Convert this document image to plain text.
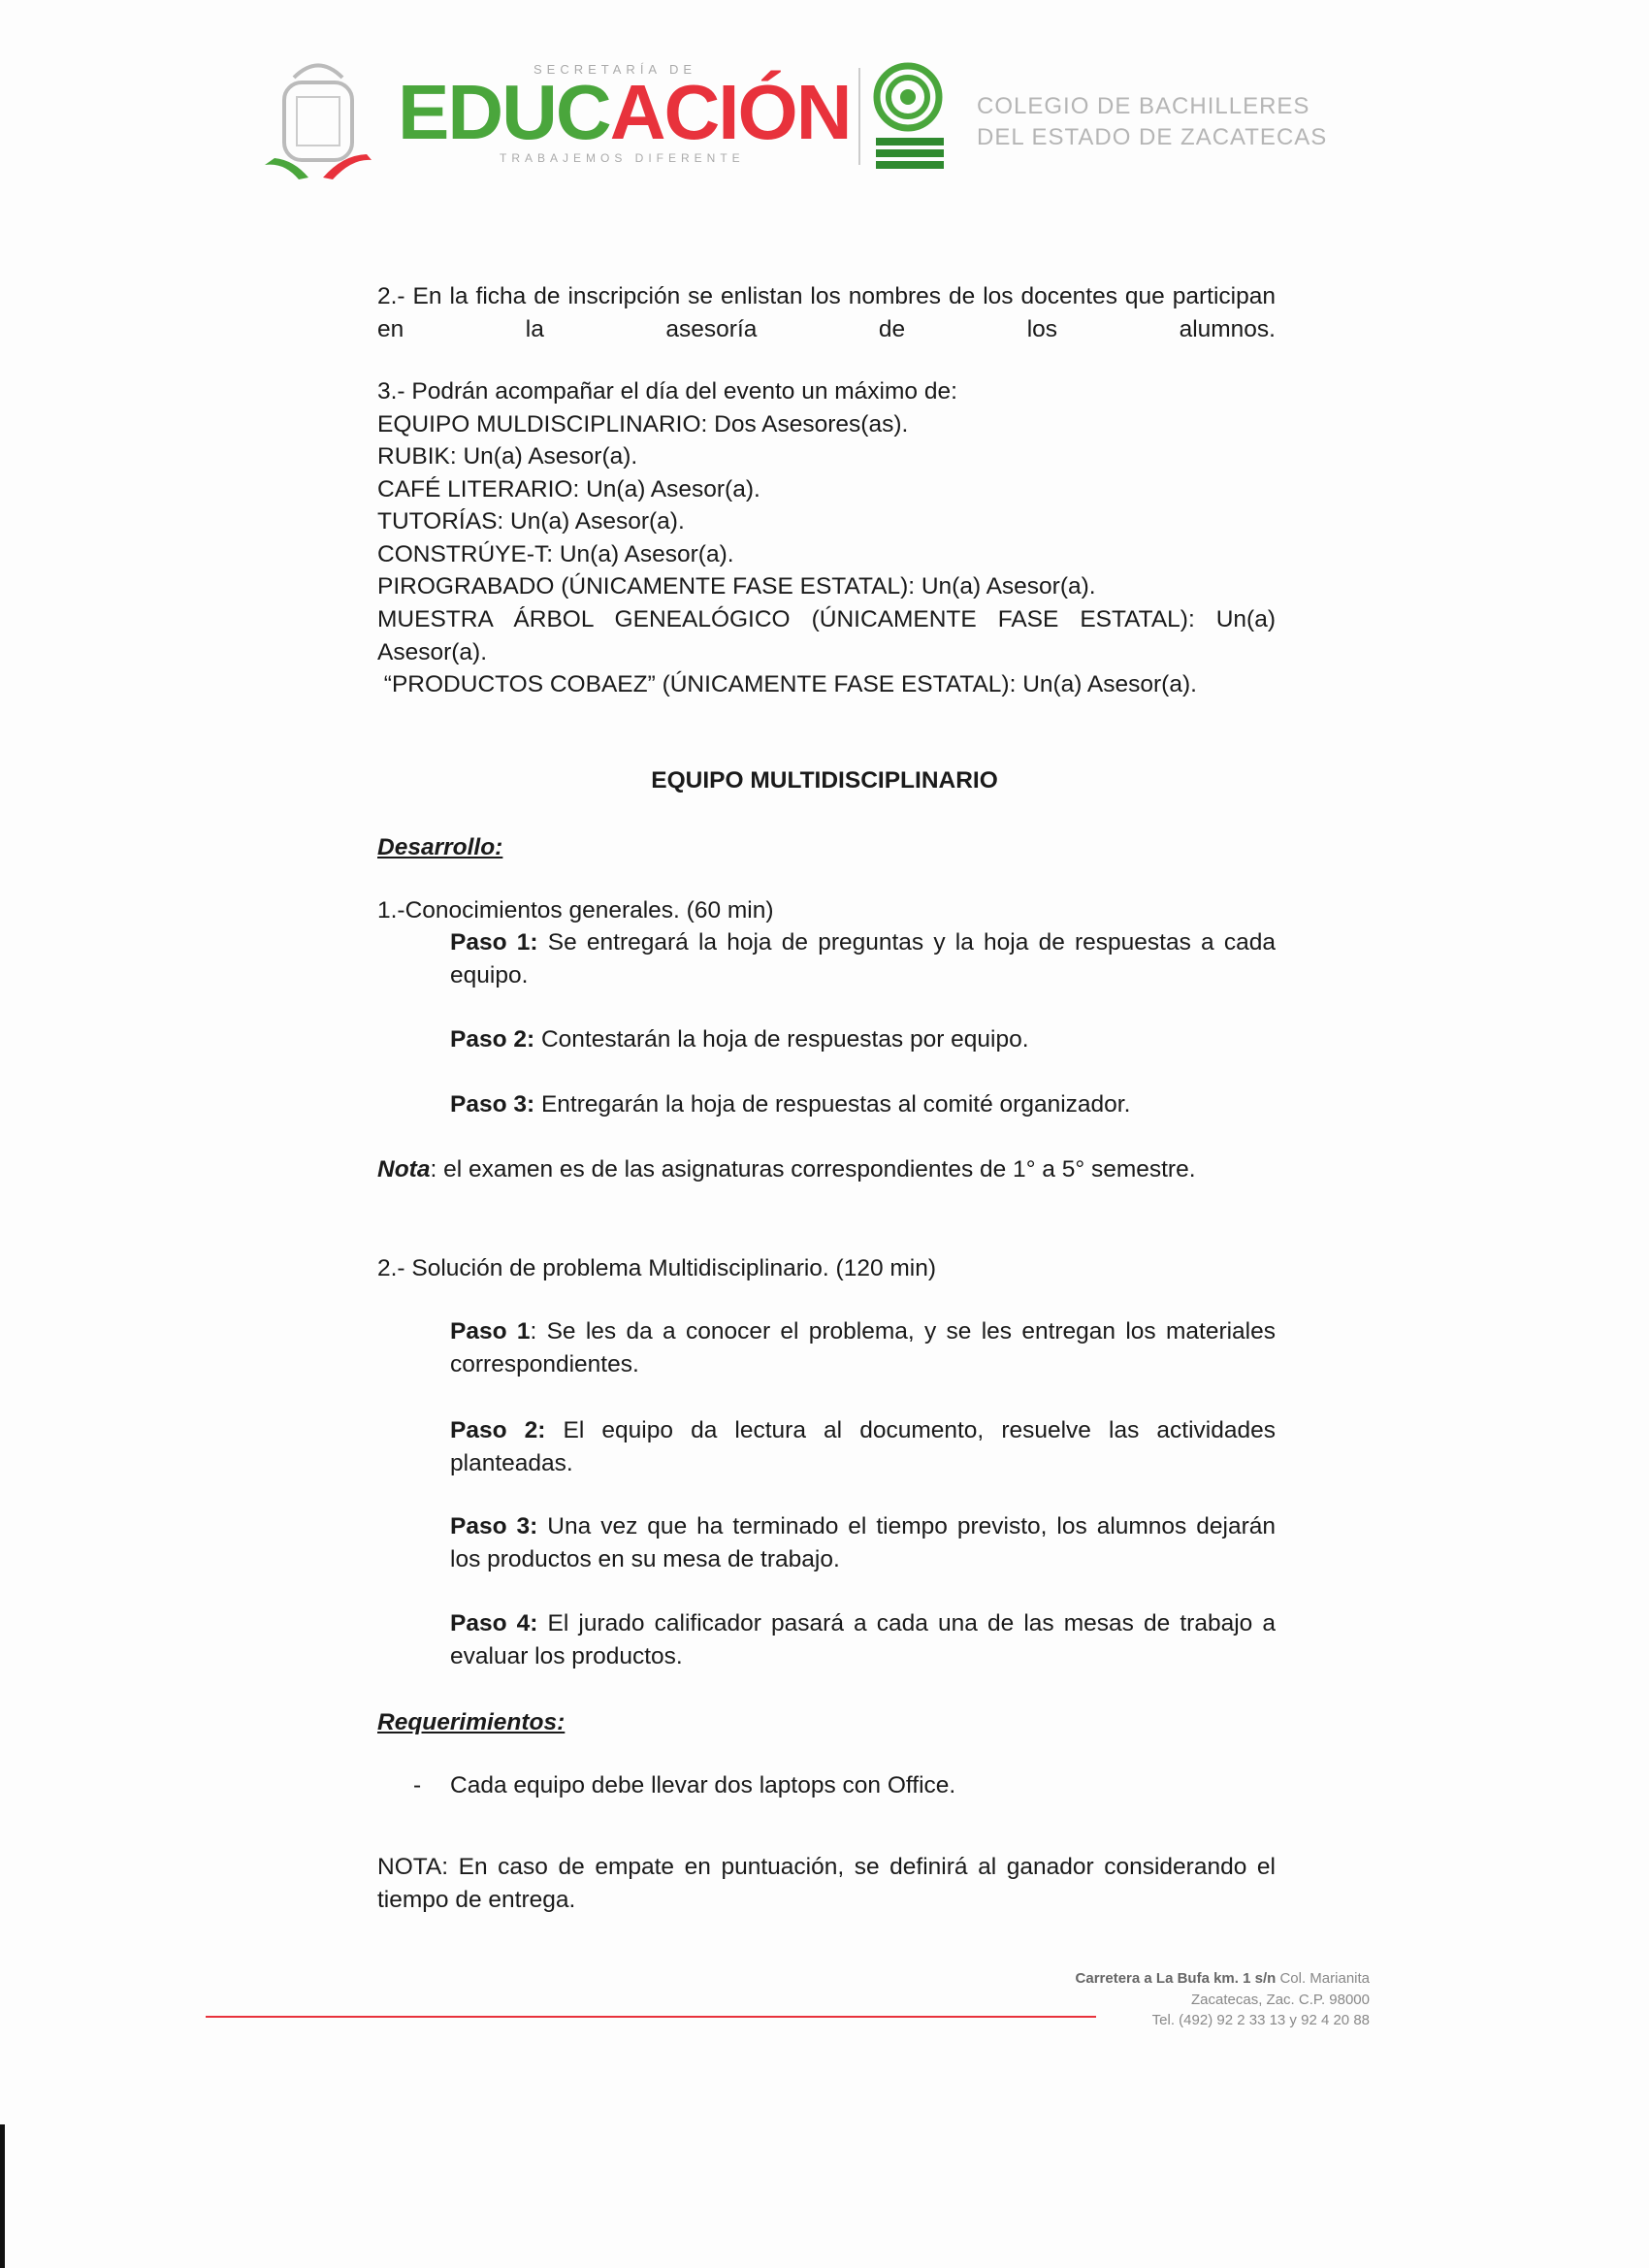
SECRETARÍA DE
EDUCACIÓN
TRABAJEMOS DIFERENTE
COLEGIO DE BACHILLERES
DEL ESTADO DE ZACATECAS
2.- En la ficha de inscripción se enlistan los nombres de los docentes que participan en la asesoría de los alumnos.
3.- Podrán acompañar el día del evento un máximo de:
EQUIPO MULDISCIPLINARIO: Dos Asesores(as).
RUBIK: Un(a) Asesor(a).
CAFÉ LITERARIO: Un(a) Asesor(a).
TUTORÍAS: Un(a) Asesor(a).
CONSTRÚYE-T: Un(a) Asesor(a).
PIROGRABADO (ÚNICAMENTE FASE ESTATAL): Un(a) Asesor(a).
MUESTRA ÁRBOL GENEALÓGICO (ÚNICAMENTE FASE ESTATAL): Un(a) Asesor(a).
“PRODUCTOS COBAEZ” (ÚNICAMENTE FASE ESTATAL): Un(a) Asesor(a).
EQUIPO MULTIDISCIPLINARIO
Desarrollo:
1.-Conocimientos generales. (60 min)
Paso 1: Se entregará la hoja de preguntas y la hoja de respuestas a cada equipo.
Paso 2: Contestarán la hoja de respuestas por equipo.
Paso 3: Entregarán la hoja de respuestas al comité organizador.
Nota: el examen es de las asignaturas correspondientes de 1° a 5° semestre.
2.- Solución de problema Multidisciplinario. (120 min)
Paso 1: Se les da a conocer el problema, y se les entregan los materiales correspondientes.
Paso 2: El equipo da lectura al documento, resuelve las actividades planteadas.
Paso 3: Una vez que ha terminado el tiempo previsto, los alumnos dejarán los productos en su mesa de trabajo.
Paso 4: El jurado calificador pasará a cada una de las mesas de trabajo a evaluar los productos.
Requerimientos:
- Cada equipo debe llevar dos laptops con Office.
NOTA: En caso de empate en puntuación, se definirá al ganador considerando el tiempo de entrega.
Carretera a La Bufa km. 1 s/n Col. Marianita
Zacatecas, Zac. C.P. 98000
Tel. (492) 92 2 33 13 y 92 4 20 88
